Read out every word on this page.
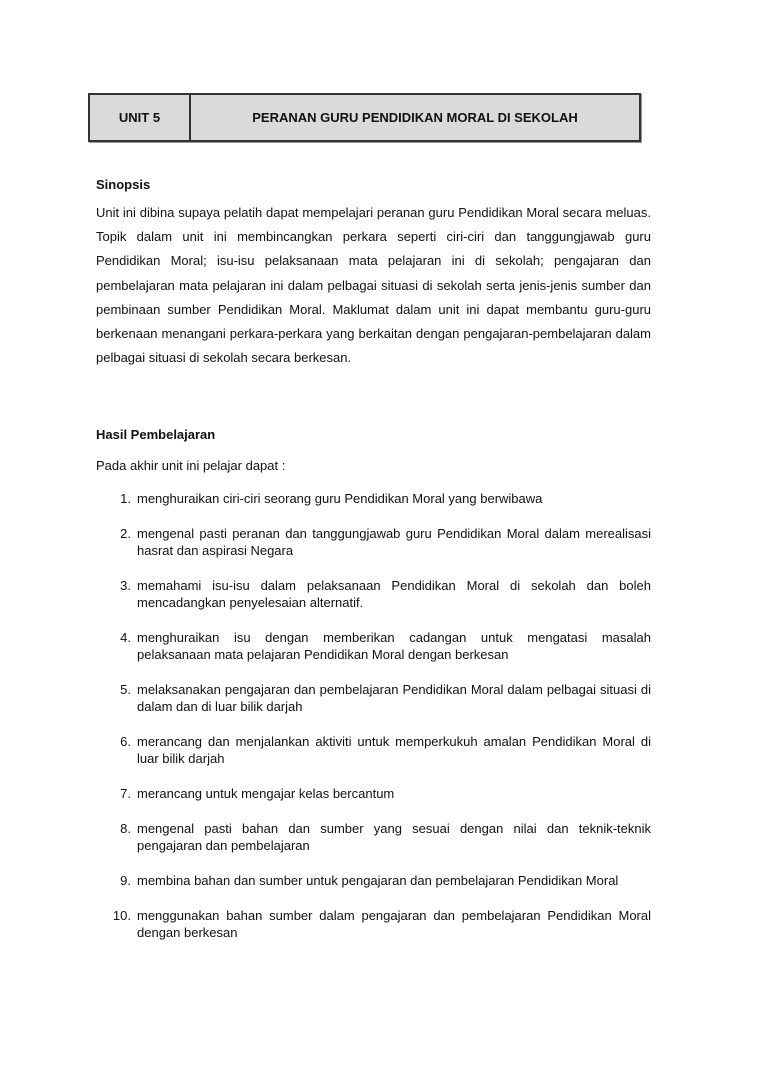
UNIT 5	PERANAN GURU PENDIDIKAN MORAL DI SEKOLAH
Sinopsis
Unit ini dibina supaya pelatih dapat mempelajari peranan guru Pendidikan Moral secara meluas. Topik dalam unit ini membincangkan perkara seperti ciri-ciri dan tanggungjawab guru Pendidikan Moral; isu-isu pelaksanaan mata pelajaran ini di sekolah; pengajaran dan pembelajaran mata pelajaran ini dalam pelbagai situasi di sekolah serta jenis-jenis sumber dan pembinaan sumber Pendidikan Moral. Maklumat dalam unit ini dapat membantu guru-guru berkenaan menangani perkara-perkara yang berkaitan dengan pengajaran-pembelajaran dalam pelbagai situasi di sekolah secara berkesan.
Hasil Pembelajaran
Pada akhir unit ini pelajar dapat :
1. menghuraikan ciri-ciri seorang guru Pendidikan Moral yang berwibawa
2. mengenal pasti peranan dan tanggungjawab guru Pendidikan Moral dalam merealisasi hasrat dan aspirasi Negara
3. memahami isu-isu dalam pelaksanaan Pendidikan Moral di sekolah dan boleh mencadangkan penyelesaian alternatif.
4. menghuraikan isu dengan memberikan cadangan untuk mengatasi masalah pelaksanaan mata pelajaran Pendidikan Moral dengan berkesan
5. melaksanakan pengajaran dan pembelajaran Pendidikan Moral dalam pelbagai situasi di dalam dan di luar bilik darjah
6. merancang dan menjalankan aktiviti untuk memperkukuh amalan Pendidikan Moral di luar bilik darjah
7. merancang untuk mengajar kelas bercantum
8. mengenal pasti bahan dan sumber yang sesuai dengan nilai dan teknik-teknik pengajaran dan pembelajaran
9. membina bahan dan sumber untuk pengajaran dan pembelajaran Pendidikan Moral
10. menggunakan bahan sumber dalam pengajaran dan pembelajaran Pendidikan Moral dengan berkesan
